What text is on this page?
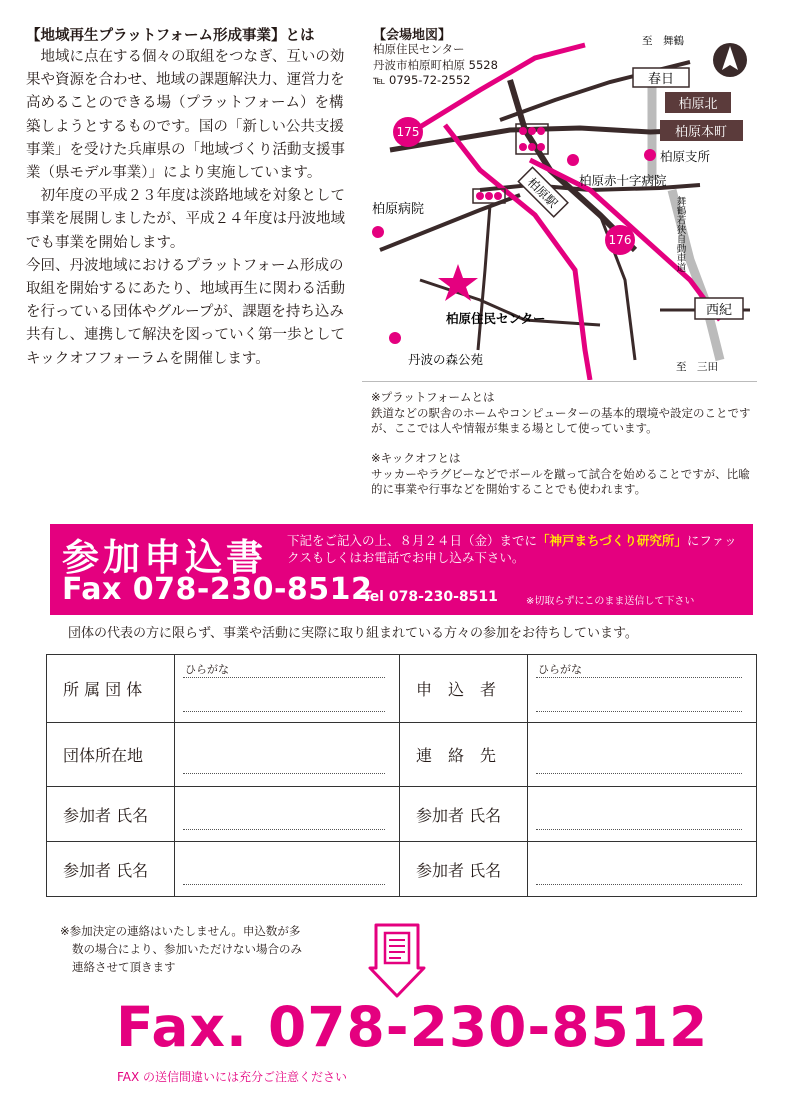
【地域再生プラットフォーム形成事業】とは

地域に点在する個々の取組をつなぎ、互いの効果や資源を合わせ、地域の課題解決力、運営力を高めることのできる場（プラットフォーム）を構築しようとするものです。国の「新しい公共支援事業」を受けた兵庫県の「地域づくり活動支援事業（県モデル事業）」により実施しています。

初年度の平成２３年度は淡路地域を対象として事業を展開しましたが、平成２４年度は丹波地域でも事業を開始します。

今回、丹波地域におけるプラットフォーム形成の取組を開始するにあたり、地域再生に関わる活動を行っている団体やグループが、課題を持ち込み共有し、連携して解決を図っていく第一歩としてキックオフフォーラムを開催します。

175
176
春日
柏原北
柏原本町
西紀
柏原駅
至　舞鶴
柏原支所
柏原赤十字病院
柏原病院
柏原住民センター
丹波の森公苑	至　三田
舞鶴若狭自動車道
【会場地図】
柏原住民センター
丹波市柏原町柏原 5528
℡ 0795-72-2552
※プラットフォームとは
鉄道などの駅舎のホームやコンピューターの基本的環境や設定のことですが、ここでは人や情報が集まる場として使っています。
※キックオフとは
サッカーやラグビーなどでボールを蹴って試合を始めることですが、比喩的に事業や行事などを開始することでも使われます。
参加申込書
Fax 078-230-8512
下記をご記入の上、８月２４日（金）までに「神戸まちづくり研究所」にファックスもしくはお電話でお申し込み下さい。
Tel 078-230-8511	※切取らずにこのまま送信して下さい
団体の代表の方に限らず、事業や活動に実際に取り組まれている方々の参加をお待ちしています。
所 属 団 体	ひらがな	申　込　者	ひらがな

団体所在地		連　絡　先	

参加者 氏名		参加者 氏名	

参加者 氏名		参加者 氏名	
※参加決定の連絡はいたしません。申込数が多
数の場合により、参加いただけない場合のみ
連絡させて頂きます
Fax. 078-230-8512
FAX の送信間違いには充分ご注意ください
